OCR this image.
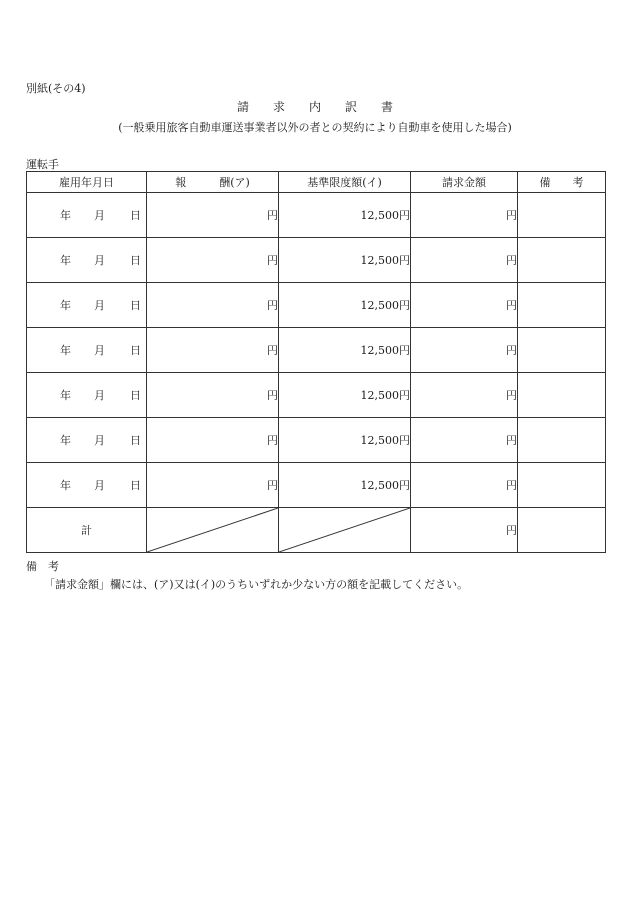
別紙(その4)
請　　求　　内　　訳　　書
(一般乗用旅客自動車運送事業者以外の者との契約により自動車を使用した場合)
運転手
雇用年月日	報　　　酬(ア)	基準限度額(イ)	請求金額	備　　考

年 月 日	円	12,500円	円	

年 月 日	円	12,500円	円	

年 月 日	円	12,500円	円	

年 月 日	円	12,500円	円	

年 月 日	円	12,500円	円	

年 月 日	円	12,500円	円	

年 月 日	円	12,500円	円	
計			円	
備　考
「請求金額」欄には、(ア)又は(イ)のうちいずれか少ない方の額を記載してください。
